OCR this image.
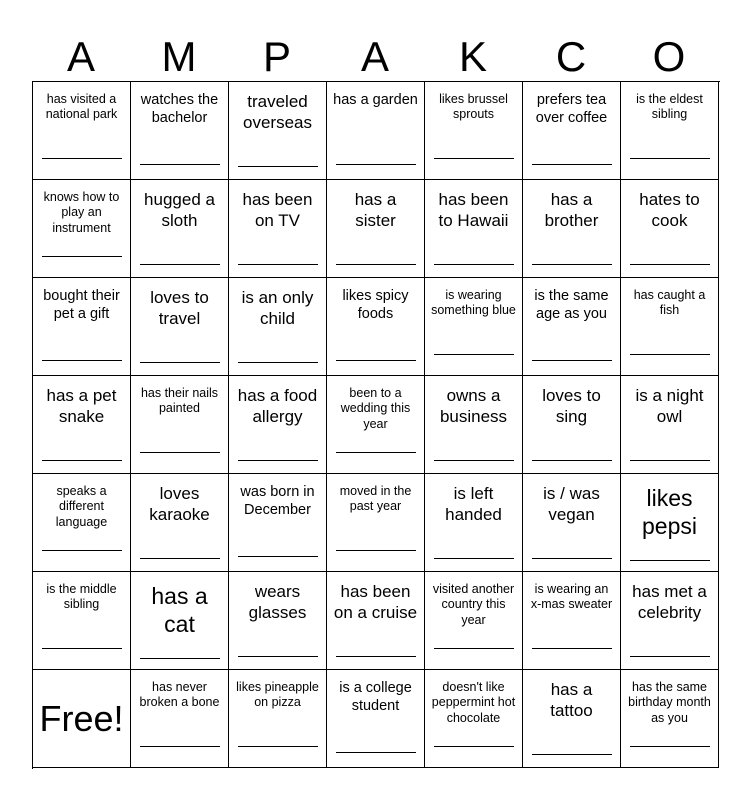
A	M	P	A	K	C	O
has visited a national park
watches the bachelor
traveled overseas
has a garden	likes brussel sprouts
prefers tea over coffee
is the eldest sibling
knows how to play an instrument
hugged a sloth
has been on TV
has a sister
has been to Hawaii
has a brother
hates to cook
bought their pet a gift
loves to travel
is an only child
likes spicy foods
is wearing something blue
is the same age as you
has caught a fish
has a pet snake
has their nails painted
has a food allergy
been to a wedding this year
owns a business
loves to sing
is a night owl
speaks a different language
loves karaoke
was born in December
moved in the past year
is left handed
is / was vegan
likes pepsi
is the middle sibling	has a cat
wears glasses
has been on a cruise
visited another country this year
is wearing an x-mas sweater
has met a celebrity
Free!
has never broken a bone
likes pineapple on pizza
is a college student
doesn't like peppermint hot chocolate
has a tattoo
has the same birthday month as you
